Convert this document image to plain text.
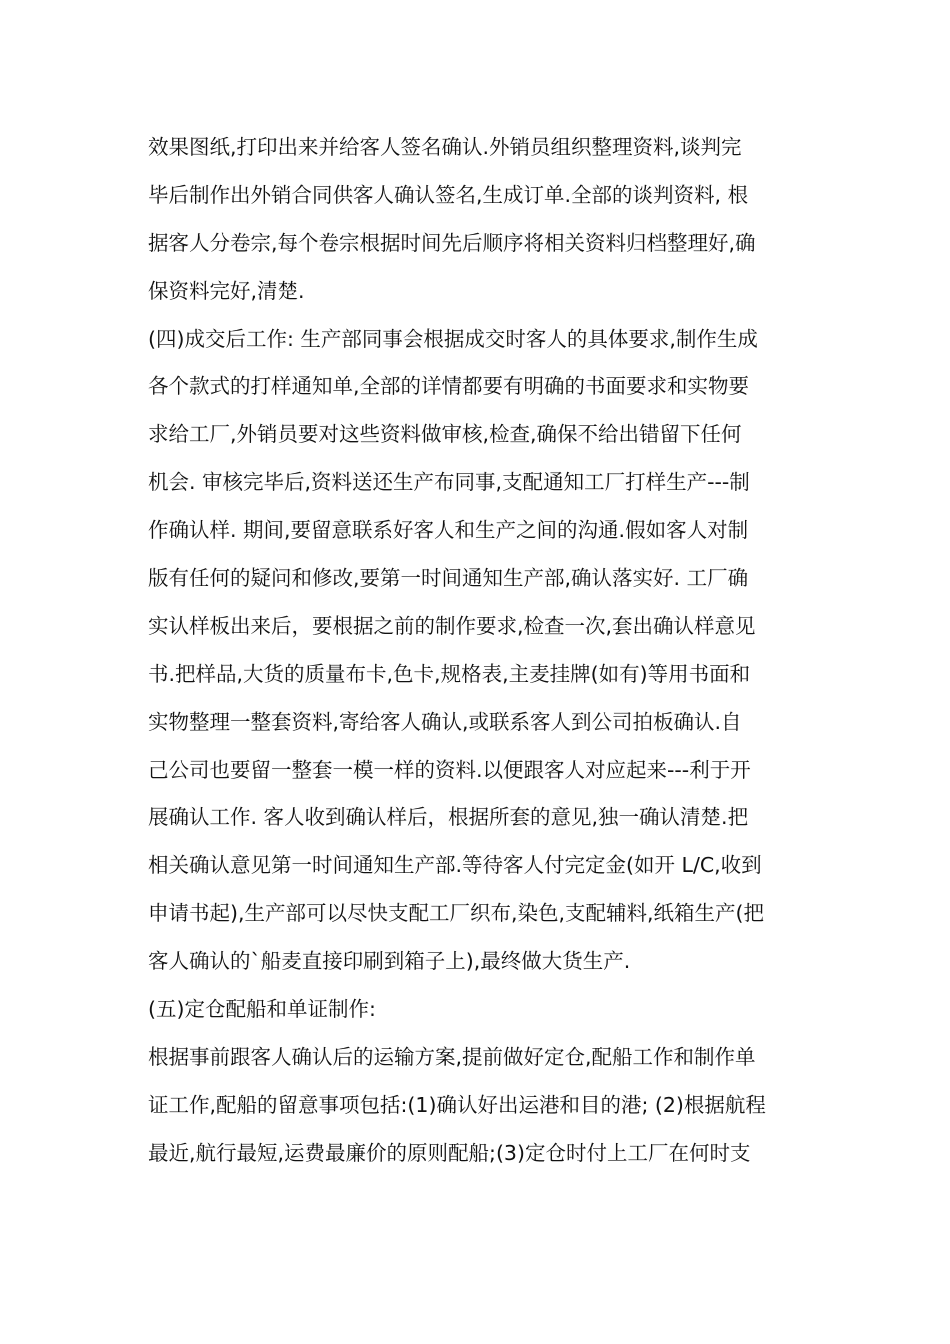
效果图纸,打印出来并给客人签名确认.外销员组织整理资料,谈判完
毕后制作出外销合同供客人确认签名,生成订单.全部的谈判资料, 根
据客人分卷宗,每个卷宗根据时间先后顺序将相关资料归档整理好,确
保资料完好,清楚.
(四)成交后工作: 生产部同事会根据成交时客人的具体要求,制作生成
各个款式的打样通知单,全部的详情都要有明确的书面要求和实物要
求给工厂,外销员要对这些资料做审核,检查,确保不给出错留下任何
机会. 审核完毕后,资料送还生产布同事,支配通知工厂打样生产---制
作确认样. 期间,要留意联系好客人和生产之间的沟通.假如客人对制
版有任何的疑问和修改,要第一时间通知生产部,确认落实好. 工厂确
实认样板出来后，要根据之前的制作要求,检查一次,套出确认样意见
书.把样品,大货的质量布卡,色卡,规格表,主麦挂牌(如有)等用书面和
实物整理一整套资料,寄给客人确认,或联系客人到公司拍板确认.自
己公司也要留一整套一模一样的资料.以便跟客人对应起来---利于开
展确认工作. 客人收到确认样后，根据所套的意见,独一确认清楚.把
相关确认意见第一时间通知生产部.等待客人付完定金(如开 L/C,收到
申请书起),生产部可以尽快支配工厂织布,染色,支配辅料,纸箱生产(把
客人确认的`船麦直接印刷到箱子上),最终做大货生产.
(五)定仓配船和单证制作:
根据事前跟客人确认后的运输方案,提前做好定仓,配船工作和制作单
证工作,配船的留意事项包括:(1)确认好出运港和目的港; (2)根据航程
最近,航行最短,运费最廉价的原则配船;(3)定仓时付上工厂在何时支
